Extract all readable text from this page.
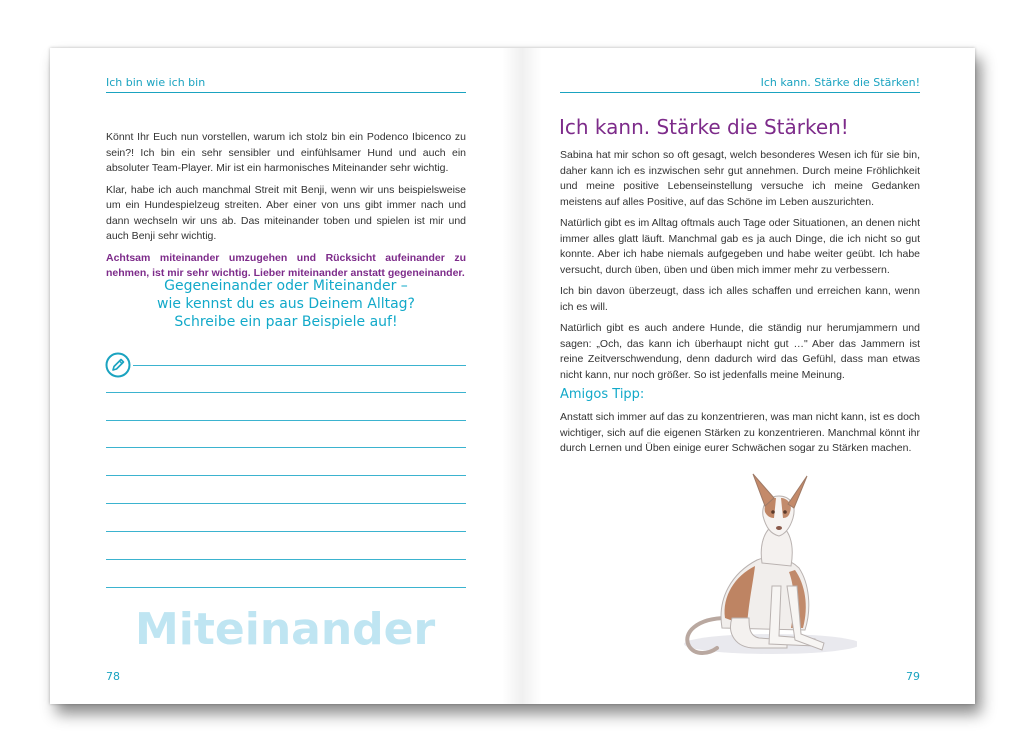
Ich bin wie ich bin

Könnt Ihr Euch nun vorstellen, warum ich stolz bin ein Podenco Ibicenco zu sein?! Ich bin ein sehr sensibler und einfühlsamer Hund und auch ein absoluter Team-Player. Mir ist ein harmonisches Miteinander sehr wichtig.

Klar, habe ich auch manchmal Streit mit Benji, wenn wir uns beispielsweise um ein Hundespielzeug streiten. Aber einer von uns gibt immer nach und dann wechseln wir uns ab. Das miteinander toben und spielen ist mir und auch Benji sehr wichtig.

Achtsam miteinander umzugehen und Rücksicht aufeinander zu nehmen, ist mir sehr wichtig. Lieber miteinander anstatt gegeneinander.

Gegeneinander oder Miteinander –
wie kennst du es aus Deinem Alltag?
Schreibe ein paar Beispiele auf!
Miteinander
78
Ich kann. Stärke die Stärken!
Ich kann. Stärke die Stärken!

Sabina hat mir schon so oft gesagt, welch besonderes Wesen ich für sie bin, daher kann ich es inzwischen sehr gut annehmen. Durch meine Fröhlichkeit und meine positive Lebenseinstellung versuche ich meine Gedanken meistens auf alles Positive, auf das Schöne im Leben auszurichten.

Natürlich gibt es im Alltag oftmals auch Tage oder Situationen, an denen nicht immer alles glatt läuft. Manchmal gab es ja auch Dinge, die ich nicht so gut konnte. Aber ich habe niemals aufgegeben und habe weiter geübt. Ich habe versucht, durch üben, üben und üben mich immer mehr zu verbessern.

Ich bin davon überzeugt, dass ich alles schaffen und erreichen kann, wenn ich es will.

Natürlich gibt es auch andere Hunde, die ständig nur herumjammern und sagen: „Och, das kann ich überhaupt nicht gut …" Aber das Jammern ist reine Zeitverschwendung, denn dadurch wird das Gefühl, dass man etwas nicht kann, nur noch größer. So ist jedenfalls meine Meinung.

Amigos Tipp:

Anstatt sich immer auf das zu konzentrieren, was man nicht kann, ist es doch wichtiger, sich auf die eigenen Stärken zu konzentrieren. Manchmal könnt ihr durch Lernen und Üben einige eurer Schwächen sogar zu Stärken machen.

79
